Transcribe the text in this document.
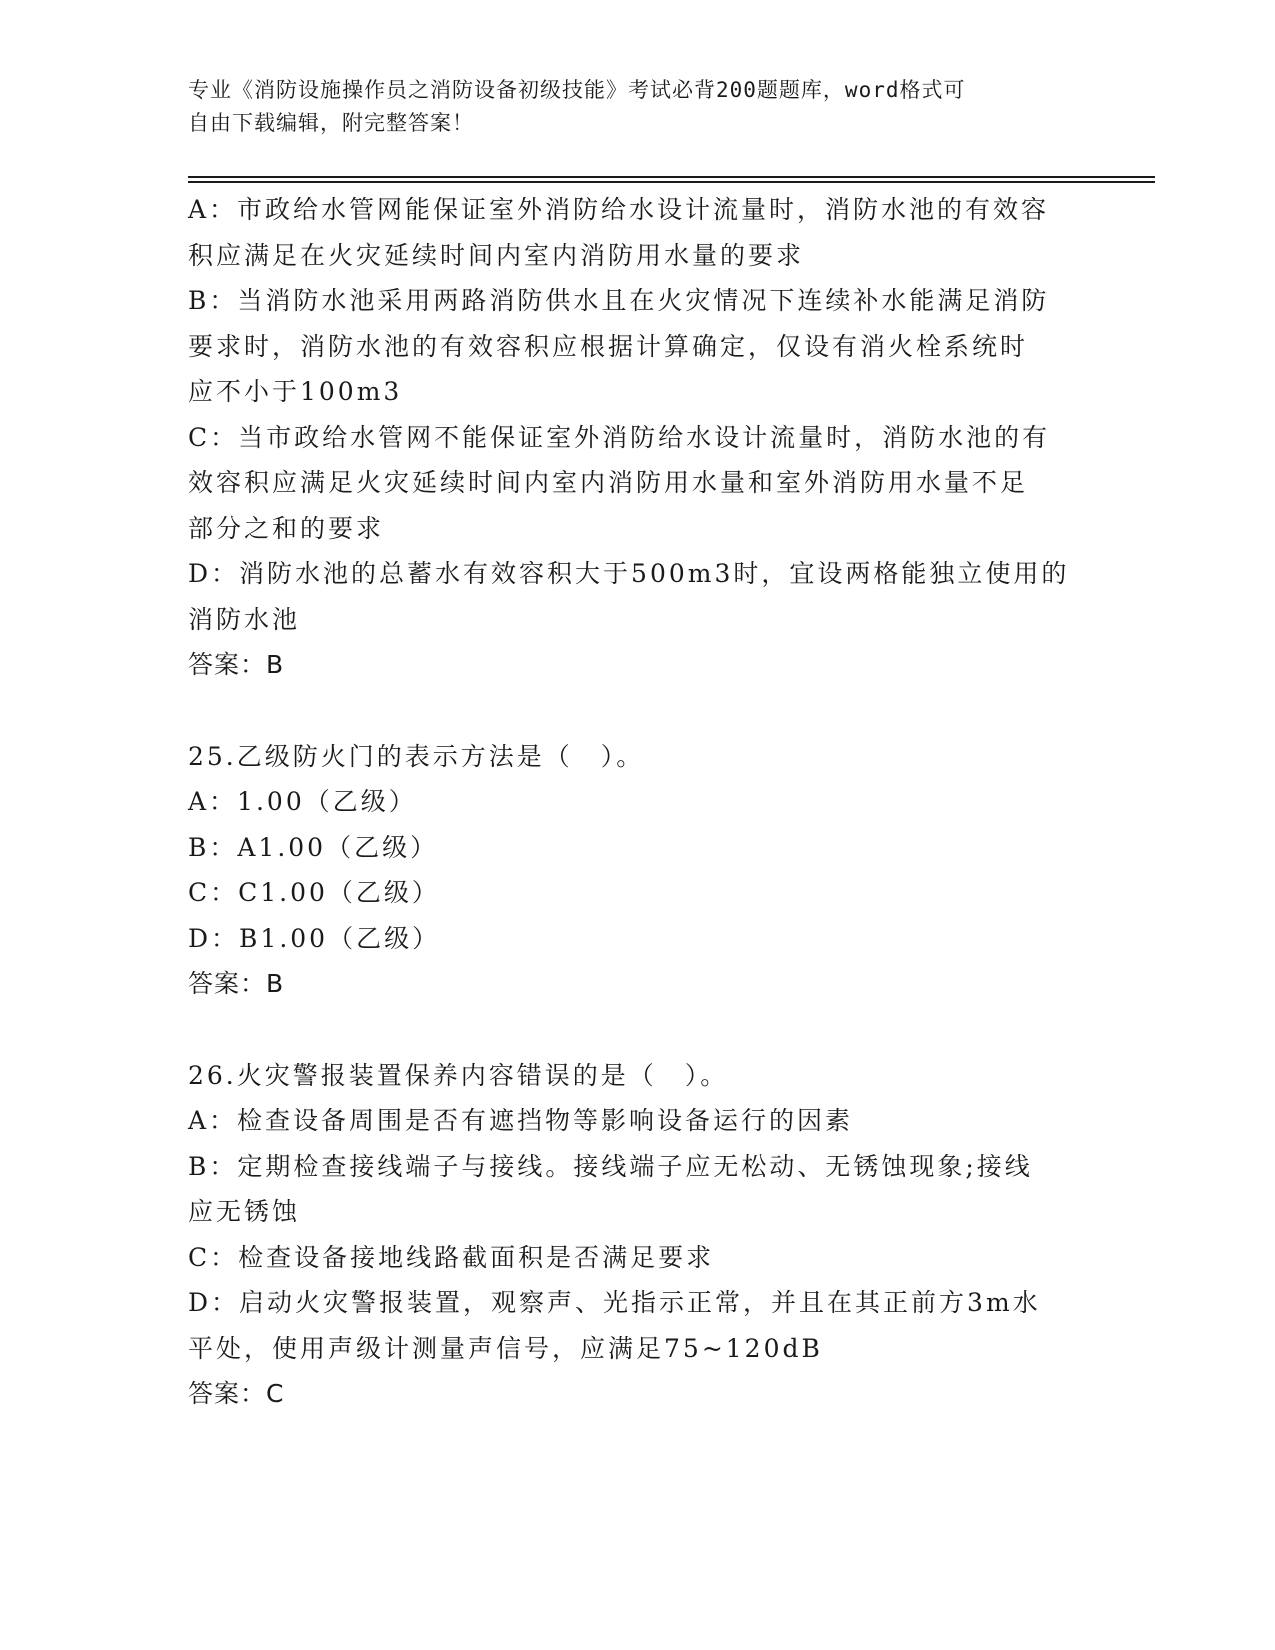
专业《消防设施操作员之消防设备初级技能》考试必背200题题库，word格式可
自由下载编辑，附完整答案！
A：市政给水管网能保证室外消防给水设计流量时，消防水池的有效容
积应满足在火灾延续时间内室内消防用水量的要求
B：当消防水池采用两路消防供水且在火灾情况下连续补水能满足消防
要求时，消防水池的有效容积应根据计算确定，仅设有消火栓系统时
应不小于100m3
C：当市政给水管网不能保证室外消防给水设计流量时，消防水池的有
效容积应满足火灾延续时间内室内消防用水量和室外消防用水量不足
部分之和的要求
D：消防水池的总蓄水有效容积大于500m3时，宜设两格能独立使用的
消防水池
答案：B
25.乙级防火门的表示方法是（　）。
A：1.00（乙级）
B：A1.00（乙级）
C：C1.00（乙级）
D：B1.00（乙级）
答案：B
26.火灾警报装置保养内容错误的是（　）。
A：检查设备周围是否有遮挡物等影响设备运行的因素
B：定期检查接线端子与接线。接线端子应无松动、无锈蚀现象;接线
应无锈蚀
C：检查设备接地线路截面积是否满足要求
D：启动火灾警报装置，观察声、光指示正常，并且在其正前方3m水
平处，使用声级计测量声信号，应满足75~120dB
答案：C
